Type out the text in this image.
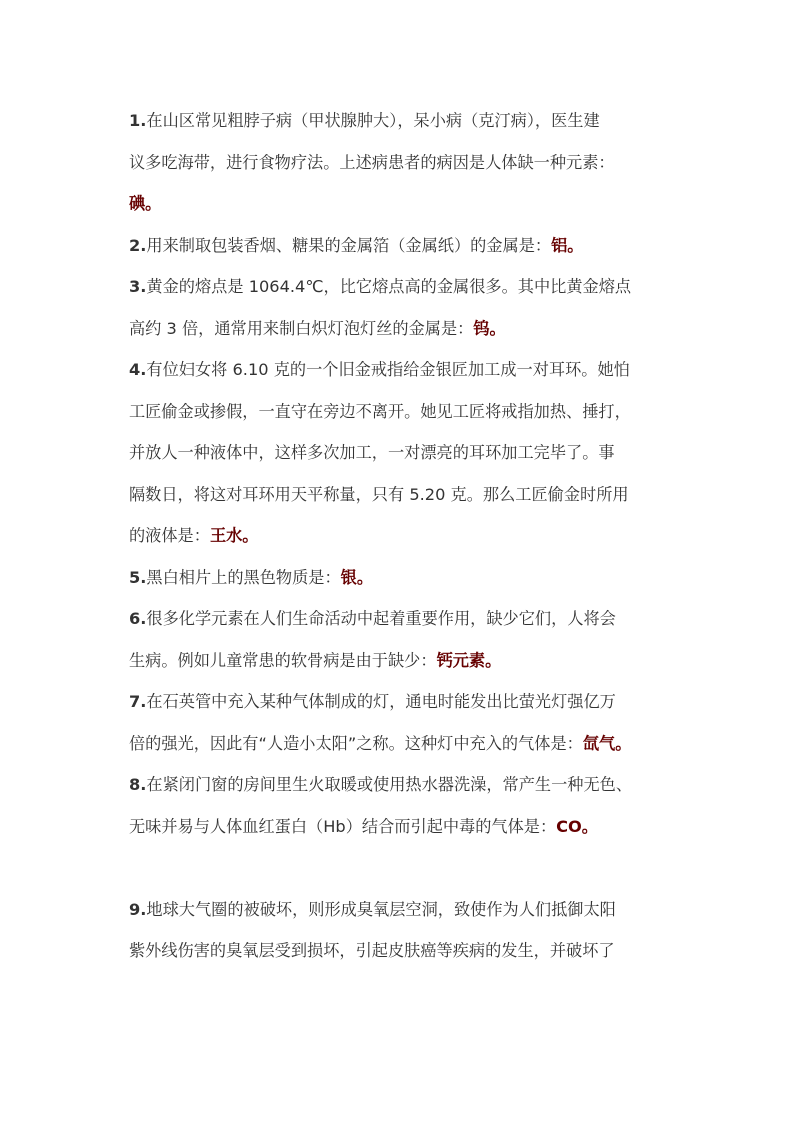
1.在山区常见粗脖子病（甲状腺肿大），呆小病（克汀病），医生建
议多吃海带，进行食物疗法。上述病患者的病因是人体缺一种元素：
碘。
2.用来制取包装香烟、糖果的金属箔（金属纸）的金属是：铝。
3.黄金的熔点是 1064.4℃，比它熔点高的金属很多。其中比黄金熔点
高约 3 倍，通常用来制白炽灯泡灯丝的金属是：钨。
4.有位妇女将 6.10 克的一个旧金戒指给金银匠加工成一对耳环。她怕
工匠偷金或掺假，一直守在旁边不离开。她见工匠将戒指加热、捶打，
并放人一种液体中，这样多次加工，一对漂亮的耳环加工完毕了。事
隔数日，将这对耳环用天平称量，只有 5.20 克。那么工匠偷金时所用
的液体是：王水。
5.黑白相片上的黑色物质是：银。
6.很多化学元素在人们生命活动中起着重要作用，缺少它们，人将会
生病。例如儿童常患的软骨病是由于缺少：钙元素。
7.在石英管中充入某种气体制成的灯，通电时能发出比萤光灯强亿万
倍的强光，因此有“人造小太阳”之称。这种灯中充入的气体是：氙气。
8.在紧闭门窗的房间里生火取暖或使用热水器洗澡，常产生一种无色、
无味并易与人体血红蛋白（Hb）结合而引起中毒的气体是：CO。
9.地球大气圈的被破坏，则形成臭氧层空洞，致使作为人们抵御太阳
紫外线伤害的臭氧层受到损坏，引起皮肤癌等疾病的发生，并破坏了
